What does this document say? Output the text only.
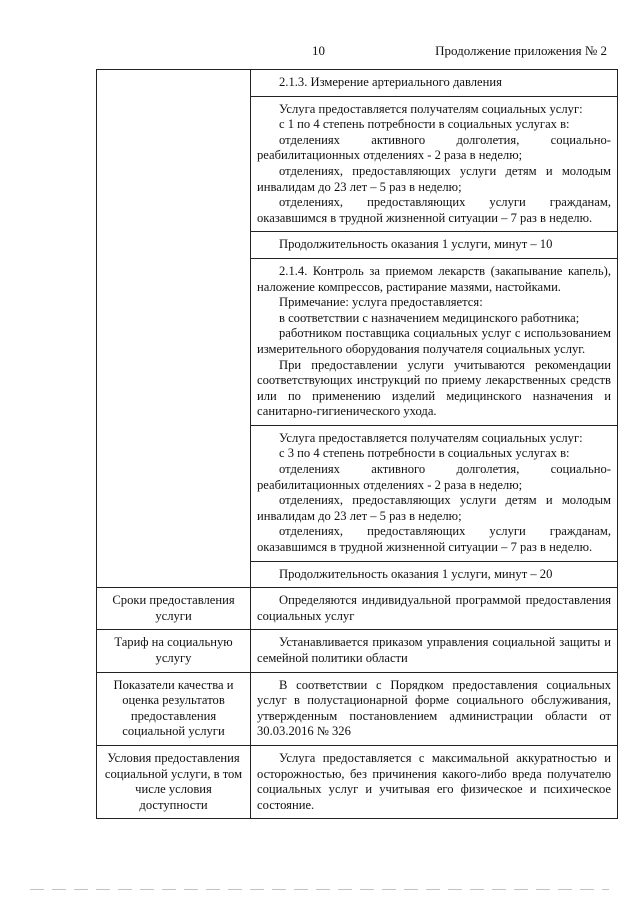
10	Продолжение приложения № 2

	2.1.3. Измерение артериального давления

	Услуга предоставляется получателям социальных услуг:

с 1 по 4 степень потребности в социальных услугах в:

отделениях активного долголетия, социально-реабилитационных отделениях - 2 раза в неделю;

отделениях, предоставляющих услуги детям и молодым инвалидам до 23 лет – 5 раз в неделю;

отделениях, предоставляющих услуги гражданам, оказавшимся в трудной жизненной ситуации – 7 раз в неделю.

	Продолжительность оказания 1 услуги, минут – 10

	2.1.4. Контроль за приемом лекарств (закапывание капель), наложение компрессов, растирание мазями, настойками.

Примечание: услуга предоставляется:

в соответствии с назначением медицинского работника;

работником поставщика социальных услуг с использованием измерительного оборудования получателя социальных услуг.

При предоставлении услуги учитываются рекомендации соответствующих инструкций по приему лекарственных средств или по применению изделий медицинского назначения и санитарно-гигиенического ухода.

	Услуга предоставляется получателям социальных услуг:

с 3 по 4 степень потребности в социальных услугах в:

отделениях активного долголетия, социально-реабилитационных отделениях - 2 раза в неделю;

отделениях, предоставляющих услуги детям и молодым инвалидам до 23 лет – 5 раз в неделю;

отделениях, предоставляющих услуги гражданам, оказавшимся в трудной жизненной ситуации – 7 раз в неделю.

	Продолжительность оказания 1 услуги, минут – 20

Сроки предоставления услуги	Определяются индивидуальной программой предоставления социальных услуг

Тариф на социальную услугу	Устанавливается приказом управления социальной защиты и семейной политики области

Показатели качества и оценка результатов предоставления социальной услуги	В соответствии с Порядком предоставления социальных услуг в полустационарной форме социального обслуживания, утвержденным постановлением администрации области от 30.03.2016 № 326

Условия предоставления социальной услуги, в том числе условия доступности	Услуга предоставляется с максимальной аккуратностью и осторожностью, без причинения какого-либо вреда получателю социальных услуг и учитывая его физическое и психическое состояние.
